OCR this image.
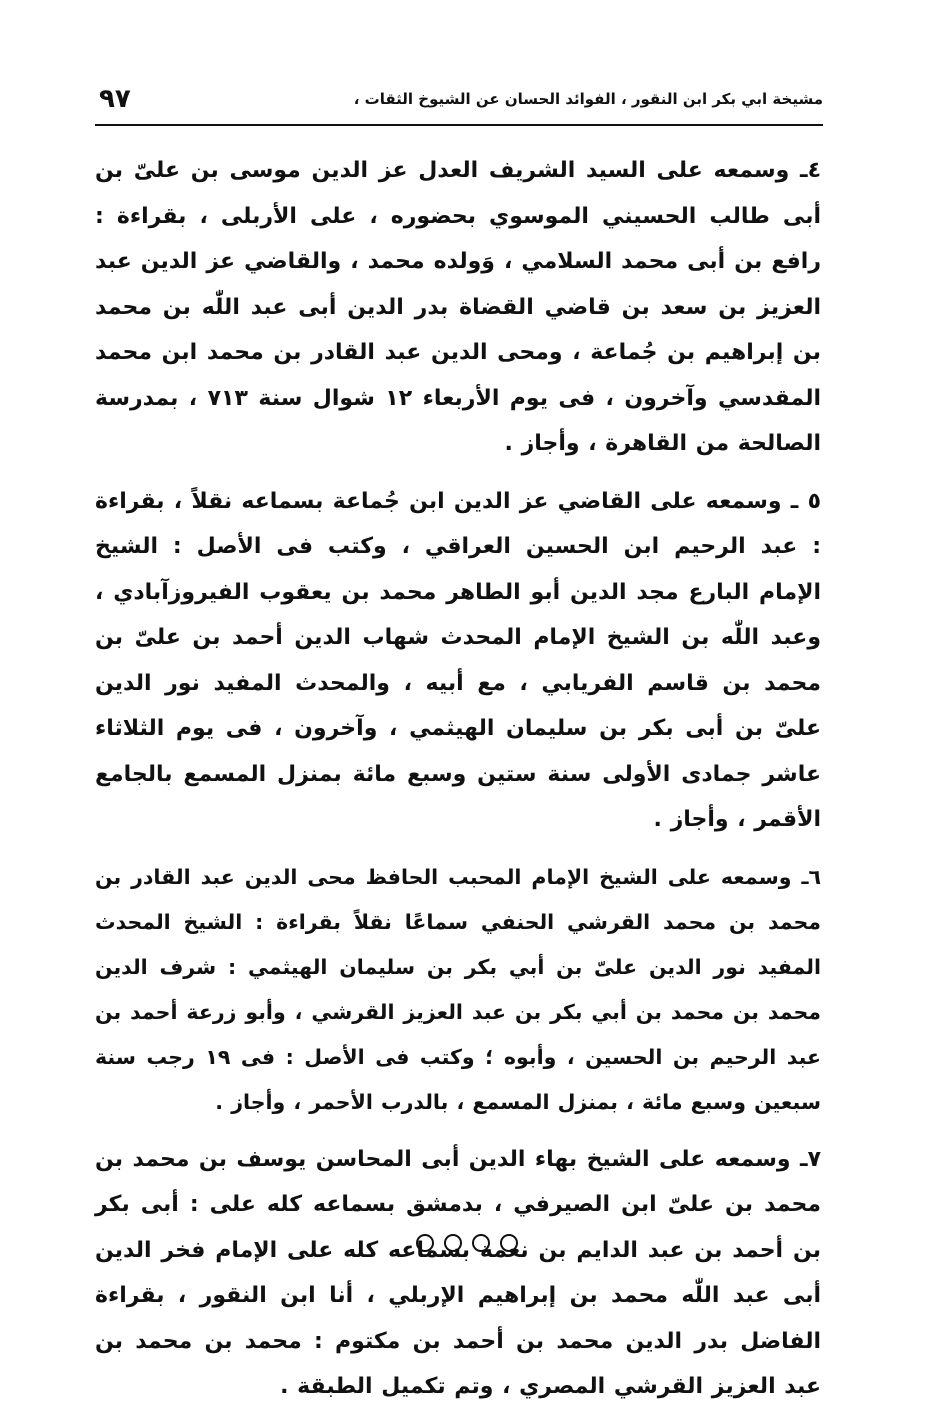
مشيخة ابي بكر ابن النقور ، الفوائد الحسان عن الشيوخ الثقات ،
٩٧

٤ـ وسمعه على السيد الشريف العدل عز الدين موسى بن علىّ بن أبى طالب الحسيني الموسوي بحضوره ، على الأربلى ، بقراءة : رافع بن أبى محمد السلامي ، وَولده محمد ، والقاضي عز الدين عبد العزيز بن سعد بن قاضي القضاة بدر الدين أبى عبد اللّٰه بن محمد بن إبراهيم بن جُماعة ، ومحى الدين عبد القادر بن محمد ابن محمد المقدسي وآخرون ، فى يوم الأربعاء ١٢ شوال سنة ٧١٣ ، بمدرسة الصالحة من القاهرة ، وأجاز .

٥ ـ وسمعه على القاضي عز الدين ابن جُماعة بسماعه نقلاً ، بقراءة : عبد الرحيم ابن الحسين العراقي ، وكتب فى الأصل : الشيخ الإمام البارع مجد الدين أبو الطاهر محمد بن يعقوب الفيروزآبادي ، وعبد اللّٰه بن الشيخ الإمام المحدث شهاب الدين أحمد بن علىّ بن محمد بن قاسم الفريابي ، مع أبيه ، والمحدث المفيد نور الدين علىّ بن أبى بكر بن سليمان الهيثمي ، وآخرون ، فى يوم الثلاثاء عاشر جمادى الأولى سنة ستين وسبع مائة بمنزل المسمع بالجامع الأقمر ، وأجاز .

٦ـ وسمعه على الشيخ الإمام المحبب الحافظ محى الدين عبد القادر بن محمد بن محمد القرشي الحنفي سماعًا نقلاً بقراءة : الشيخ المحدث المفيد نور الدين علىّ بن أبي بكر بن سليمان الهيثمي : شرف الدين محمد بن محمد بن أبي بكر بن عبد العزيز القرشي ، وأبو زرعة أحمد بن عبد الرحيم بن الحسين ، وأبوه ؛ وكتب فى الأصل : فى ١٩ رجب سنة سبعين وسبع مائة ، بمنزل المسمع ، بالدرب الأحمر ، وأجاز .

٧ـ وسمعه على الشيخ بهاء الدين أبى المحاسن يوسف بن محمد بن محمد بن علىّ ابن الصيرفي ، بدمشق بسماعه كله على : أبى بكر بن أحمد بن عبد الدايم بن نعمة بسماعه كله على الإمام فخر الدين أبى عبد اللّٰه محمد بن إبراهيم الإربلي ، أنا ابن النقور ، بقراءة الفاضل بدر الدين محمد بن أحمد بن مكتوم : محمد بن محمد بن عبد العزيز القرشي المصري ، وتم تكميل الطبقة .
